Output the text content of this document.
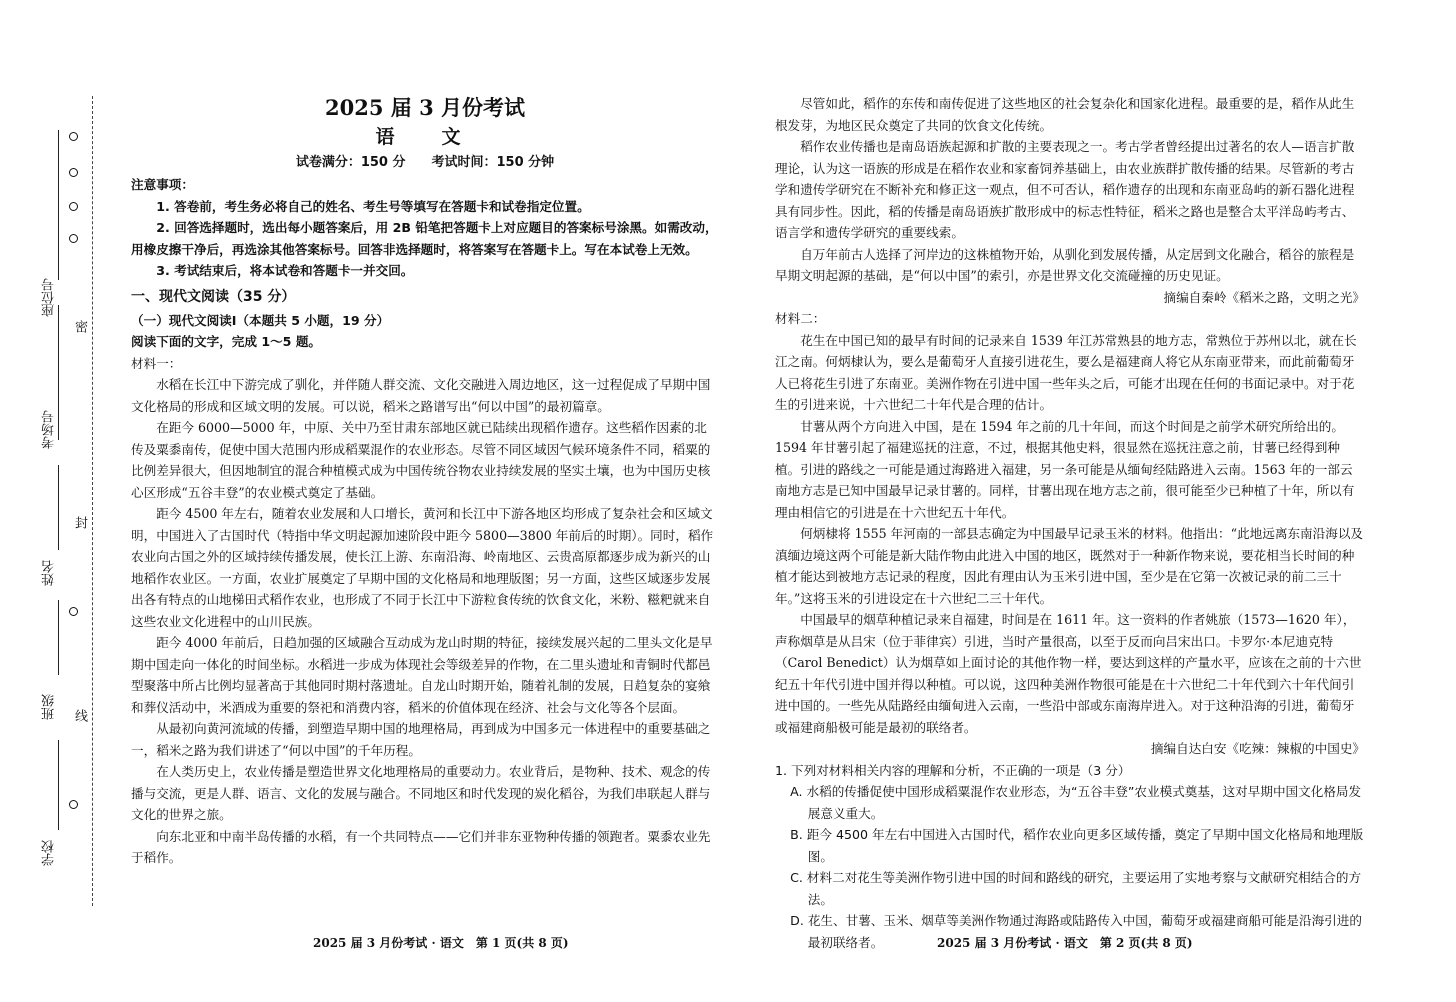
座位号
考场号
姓名
班级
学校
密
封
线

2025 届 3 月份考试

语　文

试卷满分：150 分　　考试时间：150 分钟

注意事项：

1. 答卷前，考生务必将自己的姓名、考生号等填写在答题卡和试卷指定位置。

2. 回答选择题时，选出每小题答案后，用 2B 铅笔把答题卡上对应题目的答案标号涂黑。如需改动，用橡皮擦干净后，再选涂其他答案标号。回答非选择题时，将答案写在答题卡上。写在本试卷上无效。

3. 考试结束后，将本试卷和答题卡一并交回。

一、现代文阅读（35 分）

（一）现代文阅读Ⅰ（本题共 5 小题，19 分）

阅读下面的文字，完成 1～5 题。

材料一：

水稻在长江中下游完成了驯化，并伴随人群交流、文化交融进入周边地区，这一过程促成了早期中国文化格局的形成和区域文明的发展。可以说，稻米之路谱写出“何以中国”的最初篇章。

在距今 6000—5000 年，中原、关中乃至甘肃东部地区就已陆续出现稻作遗存。这些稻作因素的北传及粟黍南传，促使中国大范围内形成稻粟混作的农业形态。尽管不同区域因气候环境条件不同，稻粟的比例差异很大，但因地制宜的混合种植模式成为中国传统谷物农业持续发展的坚实土壤，也为中国历史核心区形成“五谷丰登”的农业模式奠定了基础。

距今 4500 年左右，随着农业发展和人口增长，黄河和长江中下游各地区均形成了复杂社会和区域文明，中国进入了古国时代（特指中华文明起源加速阶段中距今 5800—3800 年前后的时期）。同时，稻作农业向古国之外的区域持续传播发展，使长江上游、东南沿海、岭南地区、云贵高原都逐步成为新兴的山地稻作农业区。一方面，农业扩展奠定了早期中国的文化格局和地理版图；另一方面，这些区域逐步发展出各有特点的山地梯田式稻作农业，也形成了不同于长江中下游粒食传统的饮食文化，米粉、糍粑就来自这些农业文化进程中的山川民族。

距今 4000 年前后，日趋加强的区域融合互动成为龙山时期的特征，接续发展兴起的二里头文化是早期中国走向一体化的时间坐标。水稻进一步成为体现社会等级差异的作物，在二里头遗址和青铜时代都邑型聚落中所占比例均显著高于其他同时期村落遗址。自龙山时期开始，随着礼制的发展，日趋复杂的宴飨和葬仪活动中，米酒成为重要的祭祀和消费内容，稻米的价值体现在经济、社会与文化等各个层面。

从最初向黄河流域的传播，到塑造早期中国的地理格局，再到成为中国多元一体进程中的重要基础之一，稻米之路为我们讲述了“何以中国”的千年历程。

在人类历史上，农业传播是塑造世界文化地理格局的重要动力。农业背后，是物种、技术、观念的传播与交流，更是人群、语言、文化的发展与融合。不同地区和时代发现的炭化稻谷，为我们串联起人群与文化的世界之旅。

向东北亚和中南半岛传播的水稻，有一个共同特点——它们并非东亚物种传播的领跑者。粟黍农业先于稻作。

尽管如此，稻作的东传和南传促进了这些地区的社会复杂化和国家化进程。最重要的是，稻作从此生根发芽，为地区民众奠定了共同的饮食文化传统。

稻作农业传播也是南岛语族起源和扩散的主要表现之一。考古学者曾经提出过著名的农人—语言扩散理论，认为这一语族的形成是在稻作农业和家畜饲养基础上，由农业族群扩散传播的结果。尽管新的考古学和遗传学研究在不断补充和修正这一观点，但不可否认，稻作遗存的出现和东南亚岛屿的新石器化进程具有同步性。因此，稻的传播是南岛语族扩散形成中的标志性特征，稻米之路也是整合太平洋岛屿考古、语言学和遗传学研究的重要线索。

自万年前古人选择了河岸边的这株植物开始，从驯化到发展传播，从定居到文化融合，稻谷的旅程是早期文明起源的基础，是“何以中国”的索引，亦是世界文化交流碰撞的历史见证。

摘编自秦岭《稻米之路，文明之光》

材料二：

花生在中国已知的最早有时间的记录来自 1539 年江苏常熟县的地方志，常熟位于苏州以北，就在长江之南。何炳棣认为，要么是葡萄牙人直接引进花生，要么是福建商人将它从东南亚带来，而此前葡萄牙人已将花生引进了东南亚。美洲作物在引进中国一些年头之后，可能才出现在任何的书面记录中。对于花生的引进来说，十六世纪二十年代是合理的估计。

甘薯从两个方向进入中国，是在 1594 年之前的几十年间，而这个时间是之前学术研究所给出的。1594 年甘薯引起了福建巡抚的注意，不过，根据其他史料，很显然在巡抚注意之前，甘薯已经得到种植。引进的路线之一可能是通过海路进入福建，另一条可能是从缅甸经陆路进入云南。1563 年的一部云南地方志是已知中国最早记录甘薯的。同样，甘薯出现在地方志之前，很可能至少已种植了十年，所以有理由相信它的引进是在十六世纪五十年代。

何炳棣将 1555 年河南的一部县志确定为中国最早记录玉米的材料。他指出：“此地远离东南沿海以及滇缅边境这两个可能是新大陆作物由此进入中国的地区，既然对于一种新作物来说，要花相当长时间的种植才能达到被地方志记录的程度，因此有理由认为玉米引进中国，至少是在它第一次被记录的前二三十年。”这将玉米的引进设定在十六世纪二三十年代。

中国最早的烟草种植记录来自福建，时间是在 1611 年。这一资料的作者姚旅（1573—1620 年），声称烟草是从吕宋（位于菲律宾）引进，当时产量很高，以至于反而向吕宋出口。卡罗尔·本尼迪克特（Carol Benedict）认为烟草如上面讨论的其他作物一样，要达到这样的产量水平，应该在之前的十六世纪五十年代引进中国并得以种植。可以说，这四种美洲作物很可能是在十六世纪二十年代到六十年代间引进中国的。一些先从陆路经由缅甸进入云南，一些沿中部或东南海岸进入。对于这种沿海的引进，葡萄牙或福建商船极可能是最初的联络者。

摘编自达白安《吃辣：辣椒的中国史》

1. 下列对材料相关内容的理解和分析，不正确的一项是（3 分）

A. 水稻的传播促使中国形成稻粟混作农业形态，为“五谷丰登”农业模式奠基，这对早期中国文化格局发展意义重大。

B. 距今 4500 年左右中国进入古国时代，稻作农业向更多区域传播，奠定了早期中国文化格局和地理版图。

C. 材料二对花生等美洲作物引进中国的时间和路线的研究，主要运用了实地考察与文献研究相结合的方法。

D. 花生、甘薯、玉米、烟草等美洲作物通过海路或陆路传入中国，葡萄牙或福建商船可能是沿海引进的最初联络者。

2025 届 3 月份考试 · 语文　第 1 页(共 8 页)	2025 届 3 月份考试 · 语文　第 2 页(共 8 页)
